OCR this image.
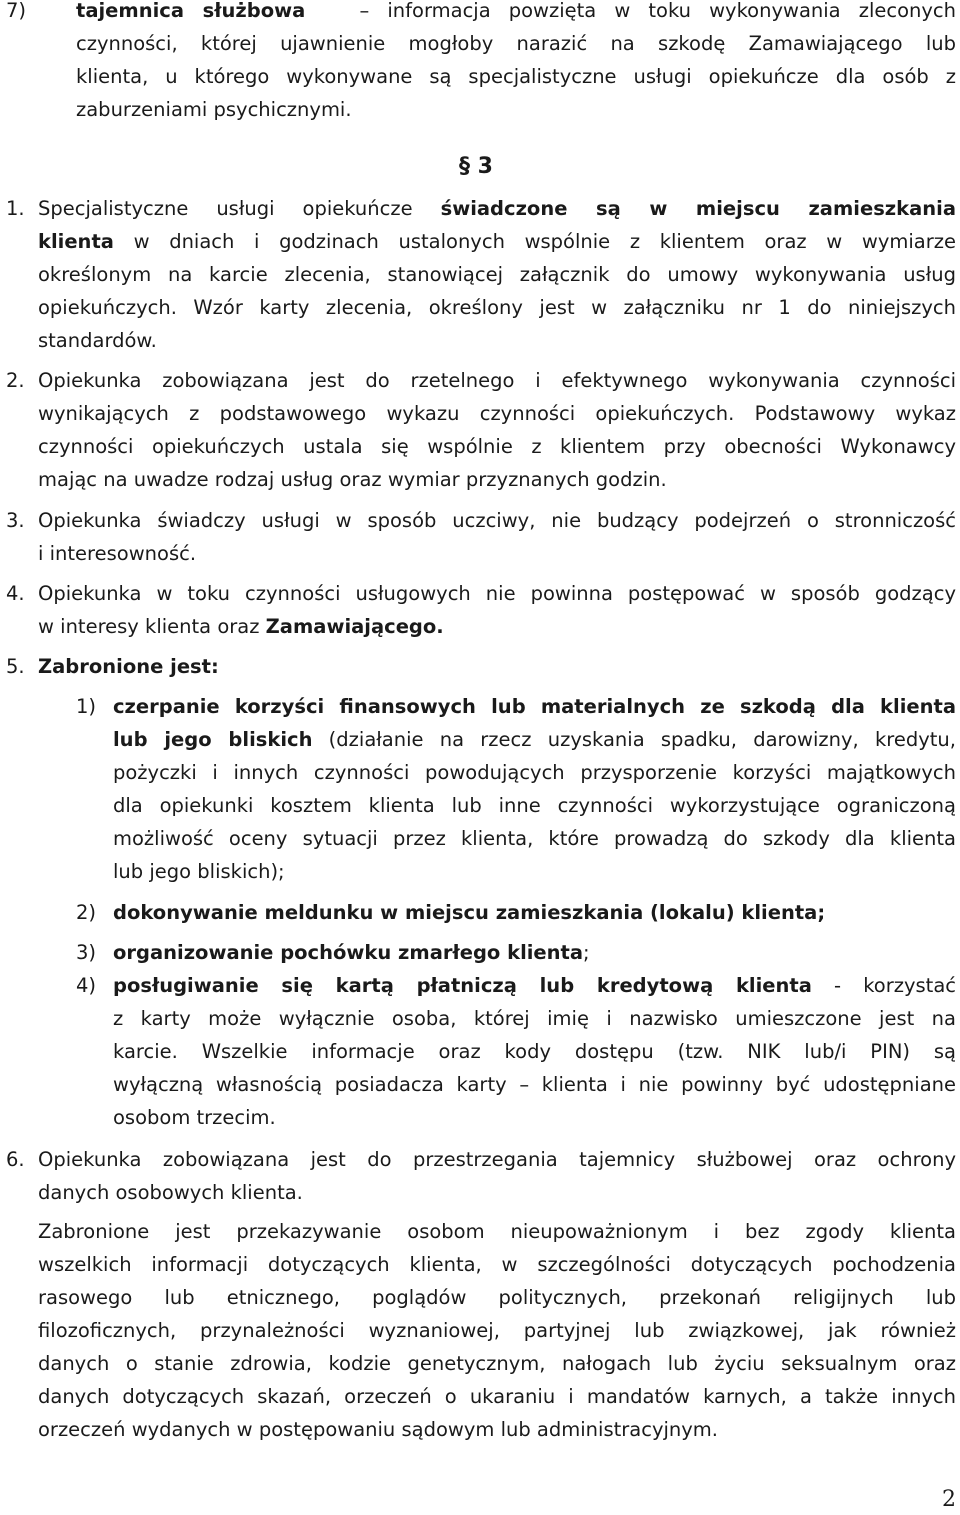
7)	tajemnica służbowa	– informacja powzięta w toku wykonywania zleconych
czynności, której ujawnienie mogłoby narazić na szkodę Zamawiającego lub
klienta, u którego wykonywane są specjalistyczne usługi opiekuńcze dla osób z
zaburzeniami psychicznymi.
§ 3
1. Specjalistyczne usługi opiekuńcze świadczone są w miejscu zamieszkania
klienta w dniach i godzinach ustalonych wspólnie z klientem oraz w wymiarze
określonym na karcie zlecenia, stanowiącej załącznik do umowy wykonywania usług
opiekuńczych. Wzór karty zlecenia, określony jest w załączniku nr 1 do niniejszych
standardów.
2. Opiekunka zobowiązana jest do rzetelnego i efektywnego wykonywania czynności
wynikających z podstawowego wykazu czynności opiekuńczych. Podstawowy wykaz
czynności opiekuńczych ustala się wspólnie z klientem przy obecności Wykonawcy
mając na uwadze rodzaj usług oraz wymiar przyznanych godzin.
3. Opiekunka świadczy usługi w sposób uczciwy, nie budzący podejrzeń o stronniczość
i interesowność.
4. Opiekunka w toku czynności usługowych nie powinna postępować w sposób godzący
w interesy klienta oraz Zamawiającego.
5. Zabronione jest:
1) czerpanie korzyści finansowych lub materialnych ze szkodą dla klienta
lub jego bliskich (działanie na rzecz uzyskania spadku, darowizny, kredytu,
pożyczki i innych czynności powodujących przysporzenie korzyści majątkowych
dla opiekunki kosztem klienta lub inne czynności wykorzystujące ograniczoną
możliwość oceny sytuacji przez klienta, które prowadzą do szkody dla klienta
lub jego bliskich);
2) dokonywanie meldunku w miejscu zamieszkania (lokalu) klienta;
3) organizowanie pochówku zmarłego klienta;
4) posługiwanie się kartą płatniczą lub kredytową klienta - korzystać
z karty może wyłącznie osoba, której imię i nazwisko umieszczone jest na
karcie. Wszelkie informacje oraz kody dostępu (tzw. NIK lub/i PIN) są
wyłączną własnością posiadacza karty – klienta i nie powinny być udostępniane
osobom trzecim.
6. Opiekunka zobowiązana jest do przestrzegania tajemnicy służbowej oraz ochrony
danych osobowych klienta.
Zabronione jest przekazywanie osobom nieupoważnionym i bez zgody klienta
wszelkich informacji dotyczących klienta, w szczególności dotyczących pochodzenia
rasowego lub etnicznego, poglądów politycznych, przekonań religijnych lub
filozoficznych, przynależności wyznaniowej, partyjnej lub związkowej, jak również
danych o stanie zdrowia, kodzie genetycznym, nałogach lub życiu seksualnym oraz
danych dotyczących skazań, orzeczeń o ukaraniu i mandatów karnych, a także innych
orzeczeń wydanych w postępowaniu sądowym lub administracyjnym.
2
